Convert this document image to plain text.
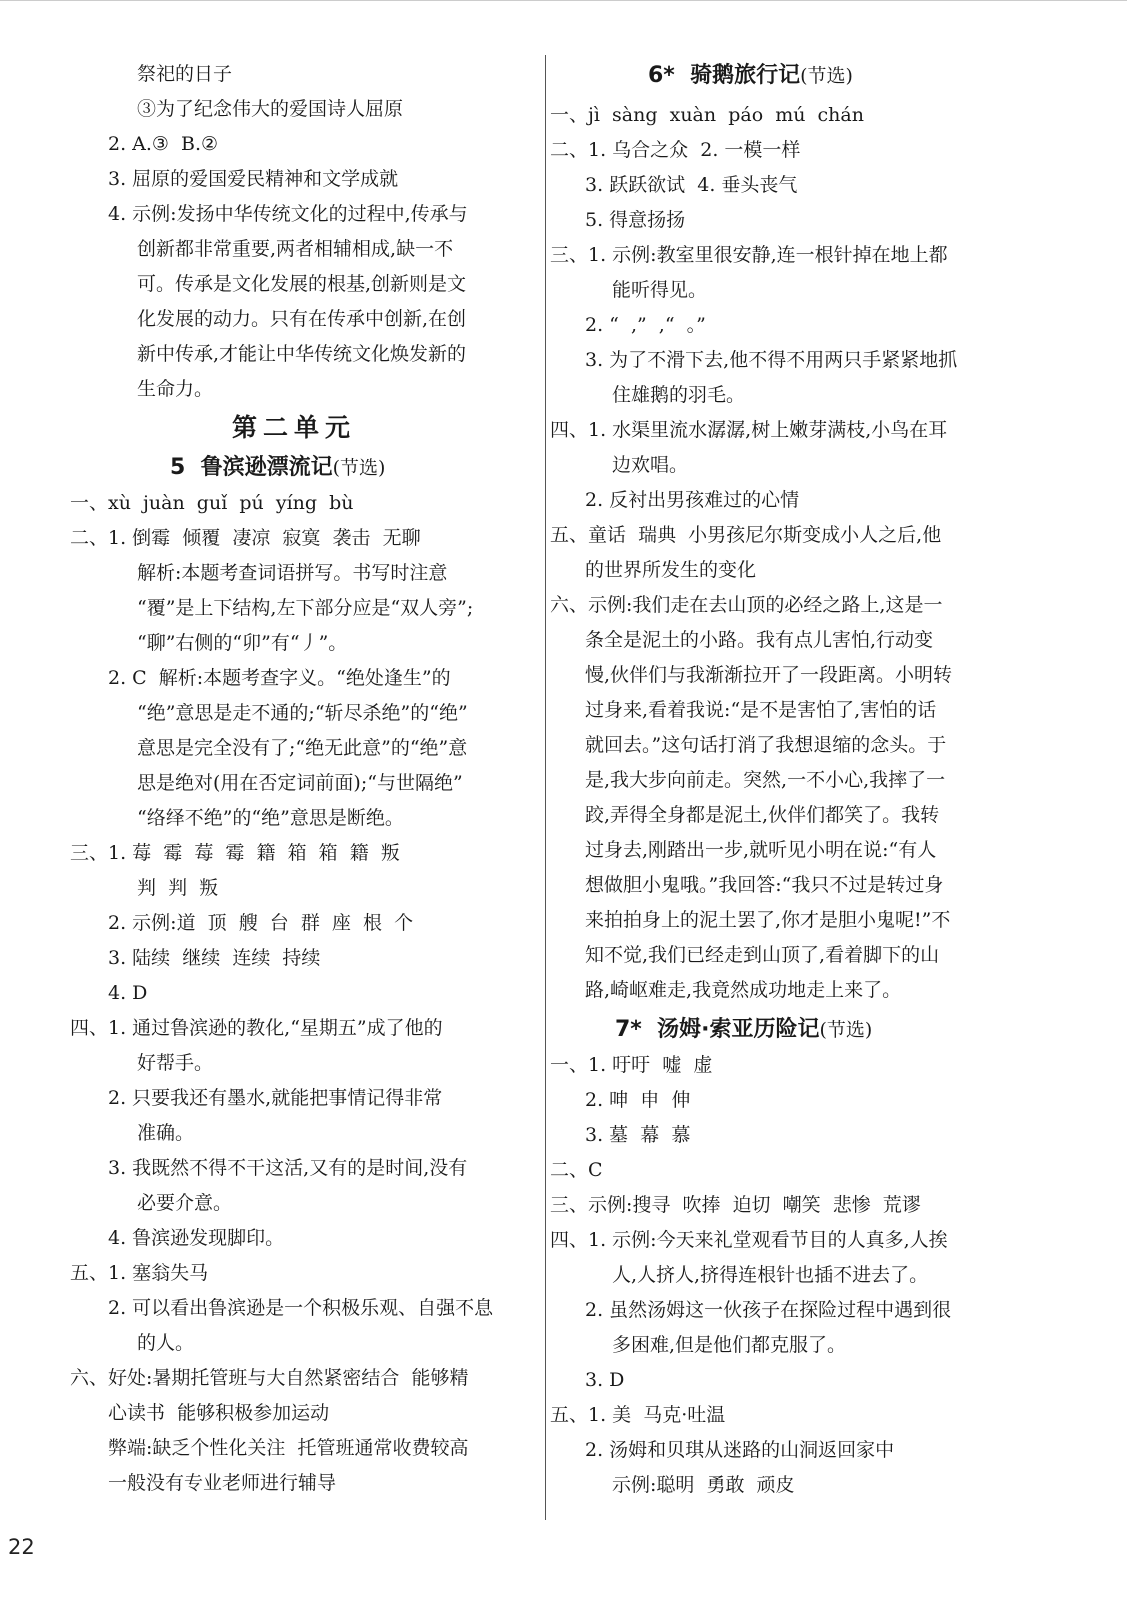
祭祀的日子
③为了纪念伟大的爱国诗人屈原
2. A.③  B.②
3. 屈原的爱国爱民精神和文学成就
4. 示例:发扬中华传统文化的过程中,传承与
创新都非常重要,两者相辅相成,缺一不
可。传承是文化发展的根基,创新则是文
化发展的动力。只有在传承中创新,在创
新中传承,才能让中华传统文化焕发新的
生命力。
第二单元
5  鲁滨逊漂流记(节选)
一、xù  juàn  guǐ  pú  yíng  bù
二、1. 倒霉  倾覆  凄凉  寂寞  袭击  无聊
解析:本题考查词语拼写。书写时注意
“覆”是上下结构,左下部分应是“双人旁”;
“聊”右侧的“卯”有“丿”。
2. C  解析:本题考查字义。“绝处逢生”的
“绝”意思是走不通的;“斩尽杀绝”的“绝”
意思是完全没有了;“绝无此意”的“绝”意
思是绝对(用在否定词前面);“与世隔绝”
“络绎不绝”的“绝”意思是断绝。
三、1. 莓  霉  莓  霉  籍  箱  箱  籍  叛
判  判  叛
2. 示例:道  顶  艘  台  群  座  根  个
3. 陆续  继续  连续  持续
4. D
四、1. 通过鲁滨逊的教化,“星期五”成了他的
好帮手。
2. 只要我还有墨水,就能把事情记得非常
准确。
3. 我既然不得不干这活,又有的是时间,没有
必要介意。
4. 鲁滨逊发现脚印。
五、1. 塞翁失马
2. 可以看出鲁滨逊是一个积极乐观、自强不息
的人。
六、好处:暑期托管班与大自然紧密结合  能够精
心读书  能够积极参加运动
弊端:缺乏个性化关注  托管班通常收费较高
一般没有专业老师进行辅导
6*  骑鹅旅行记(节选)
一、jì  sàng  xuàn  páo  mú  chán
二、1. 乌合之众  2. 一模一样
3. 跃跃欲试  4. 垂头丧气
5. 得意扬扬
三、1. 示例:教室里很安静,连一根针掉在地上都
能听得见。
2. “  ,”  ,“  。”
3. 为了不滑下去,他不得不用两只手紧紧地抓
住雄鹅的羽毛。
四、1. 水渠里流水潺潺,树上嫩芽满枝,小鸟在耳
边欢唱。
2. 反衬出男孩难过的心情
五、童话  瑞典  小男孩尼尔斯变成小人之后,他
的世界所发生的变化
六、示例:我们走在去山顶的必经之路上,这是一
条全是泥土的小路。我有点儿害怕,行动变
慢,伙伴们与我渐渐拉开了一段距离。小明转
过身来,看着我说:“是不是害怕了,害怕的话
就回去。”这句话打消了我想退缩的念头。于
是,我大步向前走。突然,一不小心,我摔了一
跤,弄得全身都是泥土,伙伴们都笑了。我转
过身去,刚踏出一步,就听见小明在说:“有人
想做胆小鬼哦。”我回答:“我只不过是转过身
来拍拍身上的泥土罢了,你才是胆小鬼呢!”不
知不觉,我们已经走到山顶了,看着脚下的山
路,崎岖难走,我竟然成功地走上来了。
7*  汤姆·索亚历险记(节选)
一、1. 吁吁  嘘  虚
2. 呻  申  伸
3. 墓  幕  慕
二、C
三、示例:搜寻  吹捧  迫切  嘲笑  悲惨  荒谬
四、1. 示例:今天来礼堂观看节目的人真多,人挨
人,人挤人,挤得连根针也插不进去了。
2. 虽然汤姆这一伙孩子在探险过程中遇到很
多困难,但是他们都克服了。
3. D
五、1. 美  马克·吐温
2. 汤姆和贝琪从迷路的山洞返回家中
示例:聪明  勇敢  顽皮
22
